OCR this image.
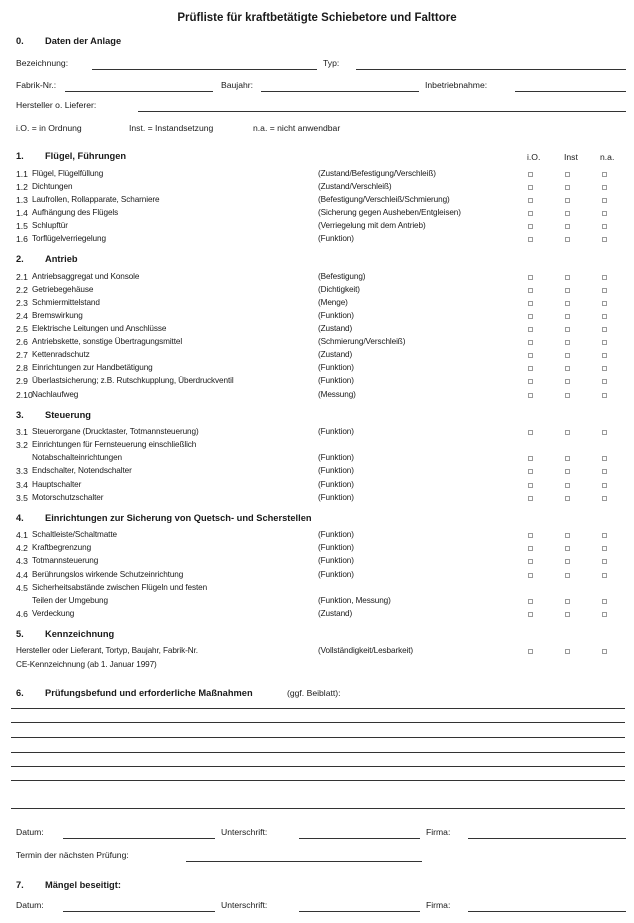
Prüfliste für kraftbetätigte Schiebetore und Falttore
0. Daten der Anlage
Bezeichnung:	Typ:
Fabrik-Nr.:	Baujahr:	Inbetriebnahme:
Hersteller o. Lieferer:
i.O. = in Ordnung	Inst. = Instandsetzung	n.a. = nicht anwendbar
i.O.	Inst	n.a.
1. Flügel, Führungen
1.1 Flügel, Flügelfüllung	(Zustand/Befestigung/Verschleiß)
1.2 Dichtungen	(Zustand/Verschleiß)
1.3 Laufrollen, Rollapparate, Scharniere	(Befestigung/Verschleiß/Schmierung)
1.4 Aufhängung des Flügels	(Sicherung gegen Ausheben/Entgleisen)
1.5 Schlupftür	(Verriegelung mit dem Antrieb)
1.6 Torflügelverriegelung	(Funktion)
2. Antrieb
2.1 Antriebsaggregat und Konsole	(Befestigung)
2.2 Getriebegehäuse	(Dichtigkeit)
2.3 Schmiermittelstand	(Menge)
2.4 Bremswirkung	(Funktion)
2.5 Elektrische Leitungen und Anschlüsse	(Zustand)
2.6 Antriebskette, sonstige Übertragungsmittel	(Schmierung/Verschleiß)
2.7 Kettenradschutz	(Zustand)
2.8 Einrichtungen zur Handbetätigung	(Funktion)
2.9 Überlastsicherung; z.B. Rutschkupplung, Überdruckventil	(Funktion)
2.10 Nachlaufweg	(Messung)
3. Steuerung
3.1 Steuerorgane (Drucktaster, Totmannsteuerung)	(Funktion)
3.2 Einrichtungen für Fernsteuerung einschließlich
Notabschalteinrichtungen	(Funktion)
3.3 Endschalter, Notendschalter	(Funktion)
3.4 Hauptschalter	(Funktion)
3.5 Motorschutzschalter	(Funktion)
4. Einrichtungen zur Sicherung von Quetsch- und Scherstellen
4.1 Schaltleiste/Schaltmatte	(Funktion)
4.2 Kraftbegrenzung	(Funktion)
4.3 Totmannsteuerung	(Funktion)
4.4 Berührungslos wirkende Schutzeinrichtung	(Funktion)
4.5 Sicherheitsabstände zwischen Flügeln und festen
Teilen der Umgebung	(Funktion, Messung)
4.6 Verdeckung	(Zustand)
5. Kennzeichnung
Hersteller oder Lieferant, Tortyp, Baujahr, Fabrik-Nr.	(Vollständigkeit/Lesbarkeit)
CE-Kennzeichnung (ab 1. Januar 1997)
6. Prüfungsbefund und erforderliche Maßnahmen	(ggf. Beiblatt):
Datum:	Unterschrift:	Firma:
Termin der nächsten Prüfung:
7. Mängel beseitigt:
Datum:	Unterschrift:	Firma:
